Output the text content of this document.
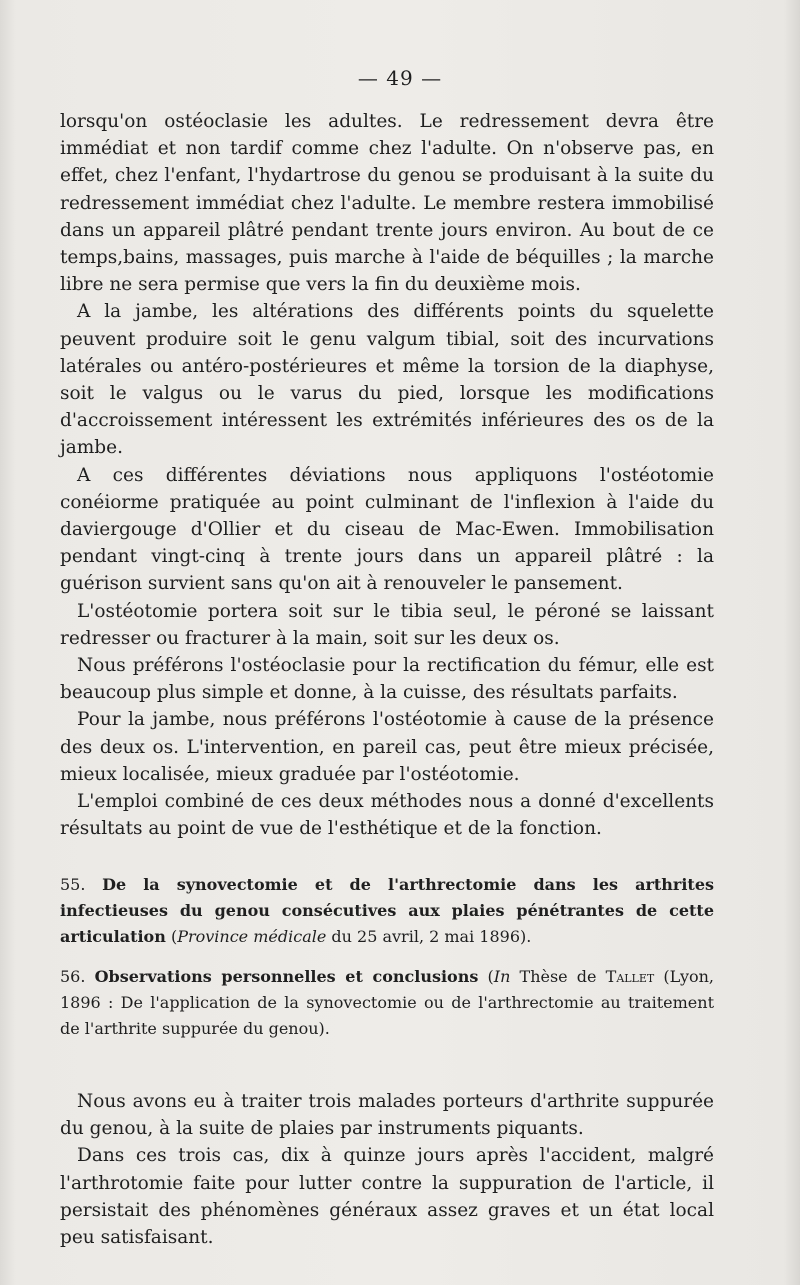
— 49 —

lorsqu'on ostéoclasie les adultes. Le redressement devra être immédiat et non tardif comme chez l'adulte. On n'observe pas, en effet, chez l'enfant, l'hydartrose du genou se produisant à la suite du redressement immédiat chez l'adulte. Le membre restera immobilisé dans un appareil plâtré pendant trente jours environ. Au bout de ce temps,bains, massages, puis marche à l'aide de béquilles ; la marche libre ne sera permise que vers la fin du deuxième mois.

A la jambe, les altérations des différents points du squelette peuvent produire soit le genu valgum tibial, soit des incurvations latérales ou antéro-postérieures et même la torsion de la diaphyse, soit le valgus ou le varus du pied, lorsque les modifications d'accroissement intéressent les extrémités inférieures des os de la jambe.

A ces différentes déviations nous appliquons l'ostéotomie conéiorme pratiquée au point culminant de l'inflexion à l'aide du daviergouge d'Ollier et du ciseau de Mac-Ewen. Immobilisation pendant vingt-cinq à trente jours dans un appareil plâtré : la guérison survient sans qu'on ait à renouveler le pansement.

L'ostéotomie portera soit sur le tibia seul, le péroné se laissant redresser ou fracturer à la main, soit sur les deux os.

Nous préférons l'ostéoclasie pour la rectification du fémur, elle est beaucoup plus simple et donne, à la cuisse, des résultats parfaits.

Pour la jambe, nous préférons l'ostéotomie à cause de la présence des deux os. L'intervention, en pareil cas, peut être mieux précisée, mieux localisée, mieux graduée par l'ostéotomie.

L'emploi combiné de ces deux méthodes nous a donné d'excellents résultats au point de vue de l'esthétique et de la fonction.

55. De la synovectomie et de l'arthrectomie dans les arthrites infectieuses du genou consécutives aux plaies pénétrantes de cette articulation (Province médicale du 25 avril, 2 mai 1896).

56. Observations personnelles et conclusions (In Thèse de Tallet (Lyon, 1896 : De l'application de la synovectomie ou de l'arthrectomie au traitement de l'arthrite suppurée du genou).

Nous avons eu à traiter trois malades porteurs d'arthrite suppurée du genou, à la suite de plaies par instruments piquants.

Dans ces trois cas, dix à quinze jours après l'accident, malgré l'arthrotomie faite pour lutter contre la suppuration de l'article, il persistait des phénomènes généraux assez graves et un état local peu satisfaisant.
